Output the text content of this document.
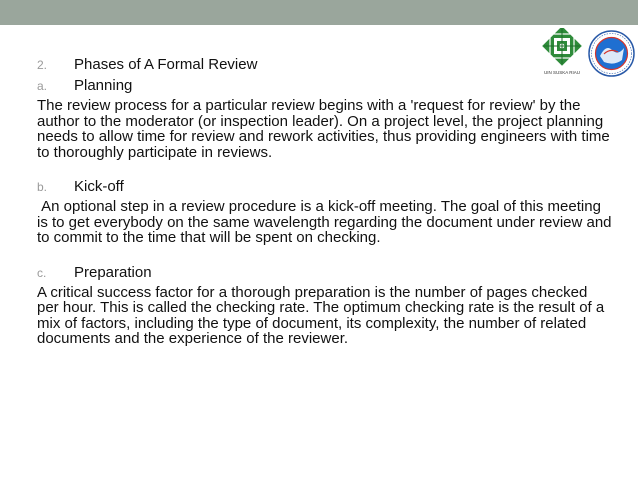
UIN SUSKA RIAU
2.	Phases of A Formal Review
a.	Planning

The review process for a particular review begins with a 'request for review' by the author to the moderator (or inspection leader). On a project level, the project planning needs to allow time for review and rework activities, thus providing engineers with time to thoroughly participate in reviews.

b.	Kick-off

An optional step in a review procedure is a kick-off meeting. The goal of this meeting is to get everybody on the same wavelength regarding the document under review and to commit to the time that will be spent on checking.

c.	Preparation

A critical success factor for a thorough preparation is the number of pages checked per hour. This is called the checking rate. The optimum checking rate is the result of a mix of factors, including the type of document, its complexity, the number of related documents and the experience of the reviewer.
